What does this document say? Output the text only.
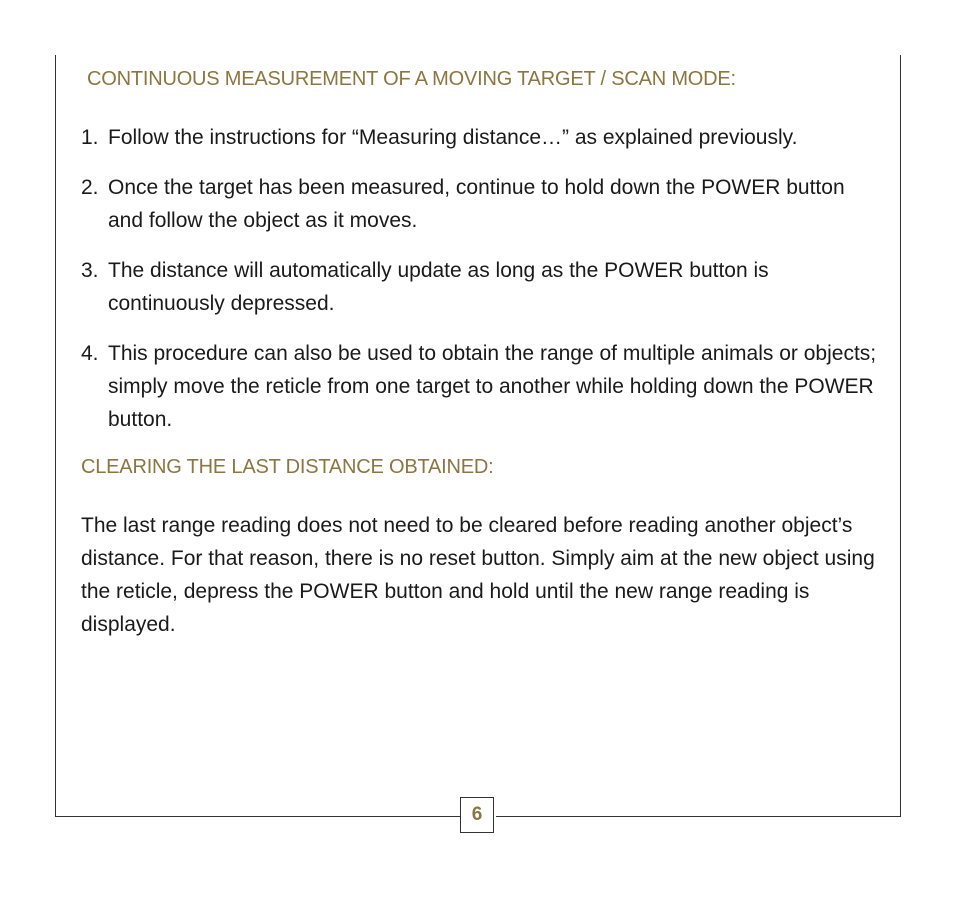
CONTINUOUS MEASUREMENT OF A MOVING TARGET / SCAN MODE:
1. Follow the instructions for “Measuring distance…” as explained previously.
2. Once the target has been measured, continue to hold down the POWER button and follow the object as it moves.
3. The distance will automatically update as long as the POWER button is continuously depressed.
4. This procedure can also be used to obtain the range of multiple animals or objects; simply move the reticle from one target to another while holding down the POWER button.
CLEARING THE LAST DISTANCE OBTAINED:

The last range reading does not need to be cleared before reading another object’s distance. For that reason, there is no reset button. Simply aim at the new object using the reticle, depress the POWER button and hold until the new range reading is displayed.

6
